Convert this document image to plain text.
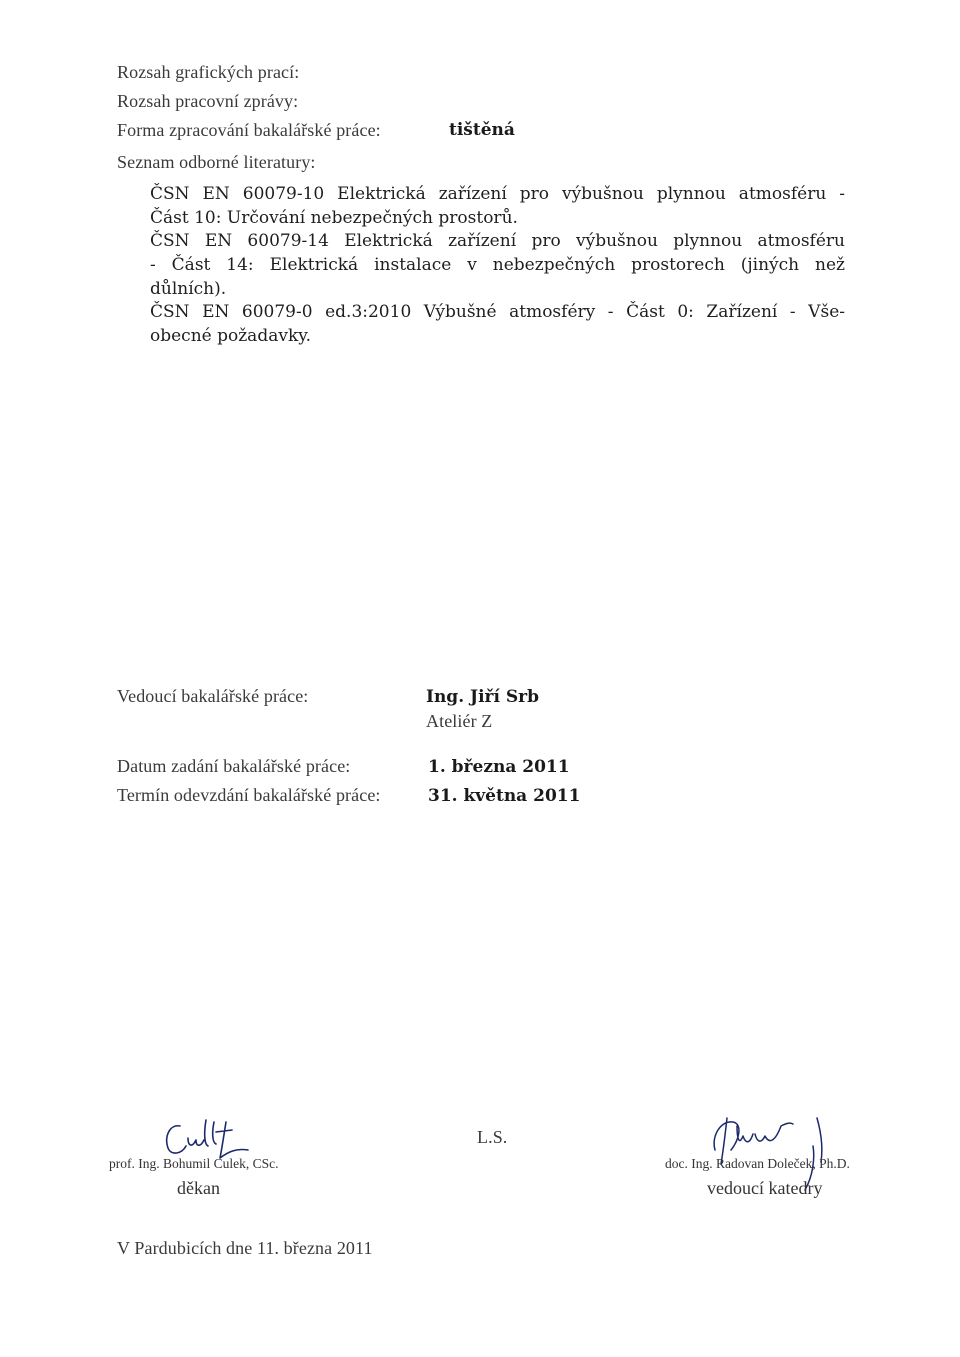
Rozsah grafických prací:
Rozsah pracovní zprávy:
Forma zpracování bakalářské práce:	tištěná
Seznam odborné literatury:
ČSN EN 60079-10 Elektrická zařízení pro výbušnou plynnou atmosféru -
Část 10: Určování nebezpečných prostorů.
ČSN EN 60079-14 Elektrická zařízení pro výbušnou plynnou atmosféru
- Část 14: Elektrická instalace v nebezpečných prostorech (jiných než
důlních).
ČSN EN 60079-0 ed.3:2010 Výbušné atmosféry - Část 0: Zařízení - Vše-
obecné požadavky.
Vedoucí bakalářské práce:	Ing. Jiří Srb
Ateliér Z
Datum zadání bakalářské práce:	1. března 2011
Termín odevzdání bakalářské práce:	31. května 2011
prof. Ing. Bohumil Culek, CSc.
děkan
L.S.
doc. Ing. Radovan Doleček, Ph.D.
vedoucí katedry
V Pardubicích dne 11. března 2011
